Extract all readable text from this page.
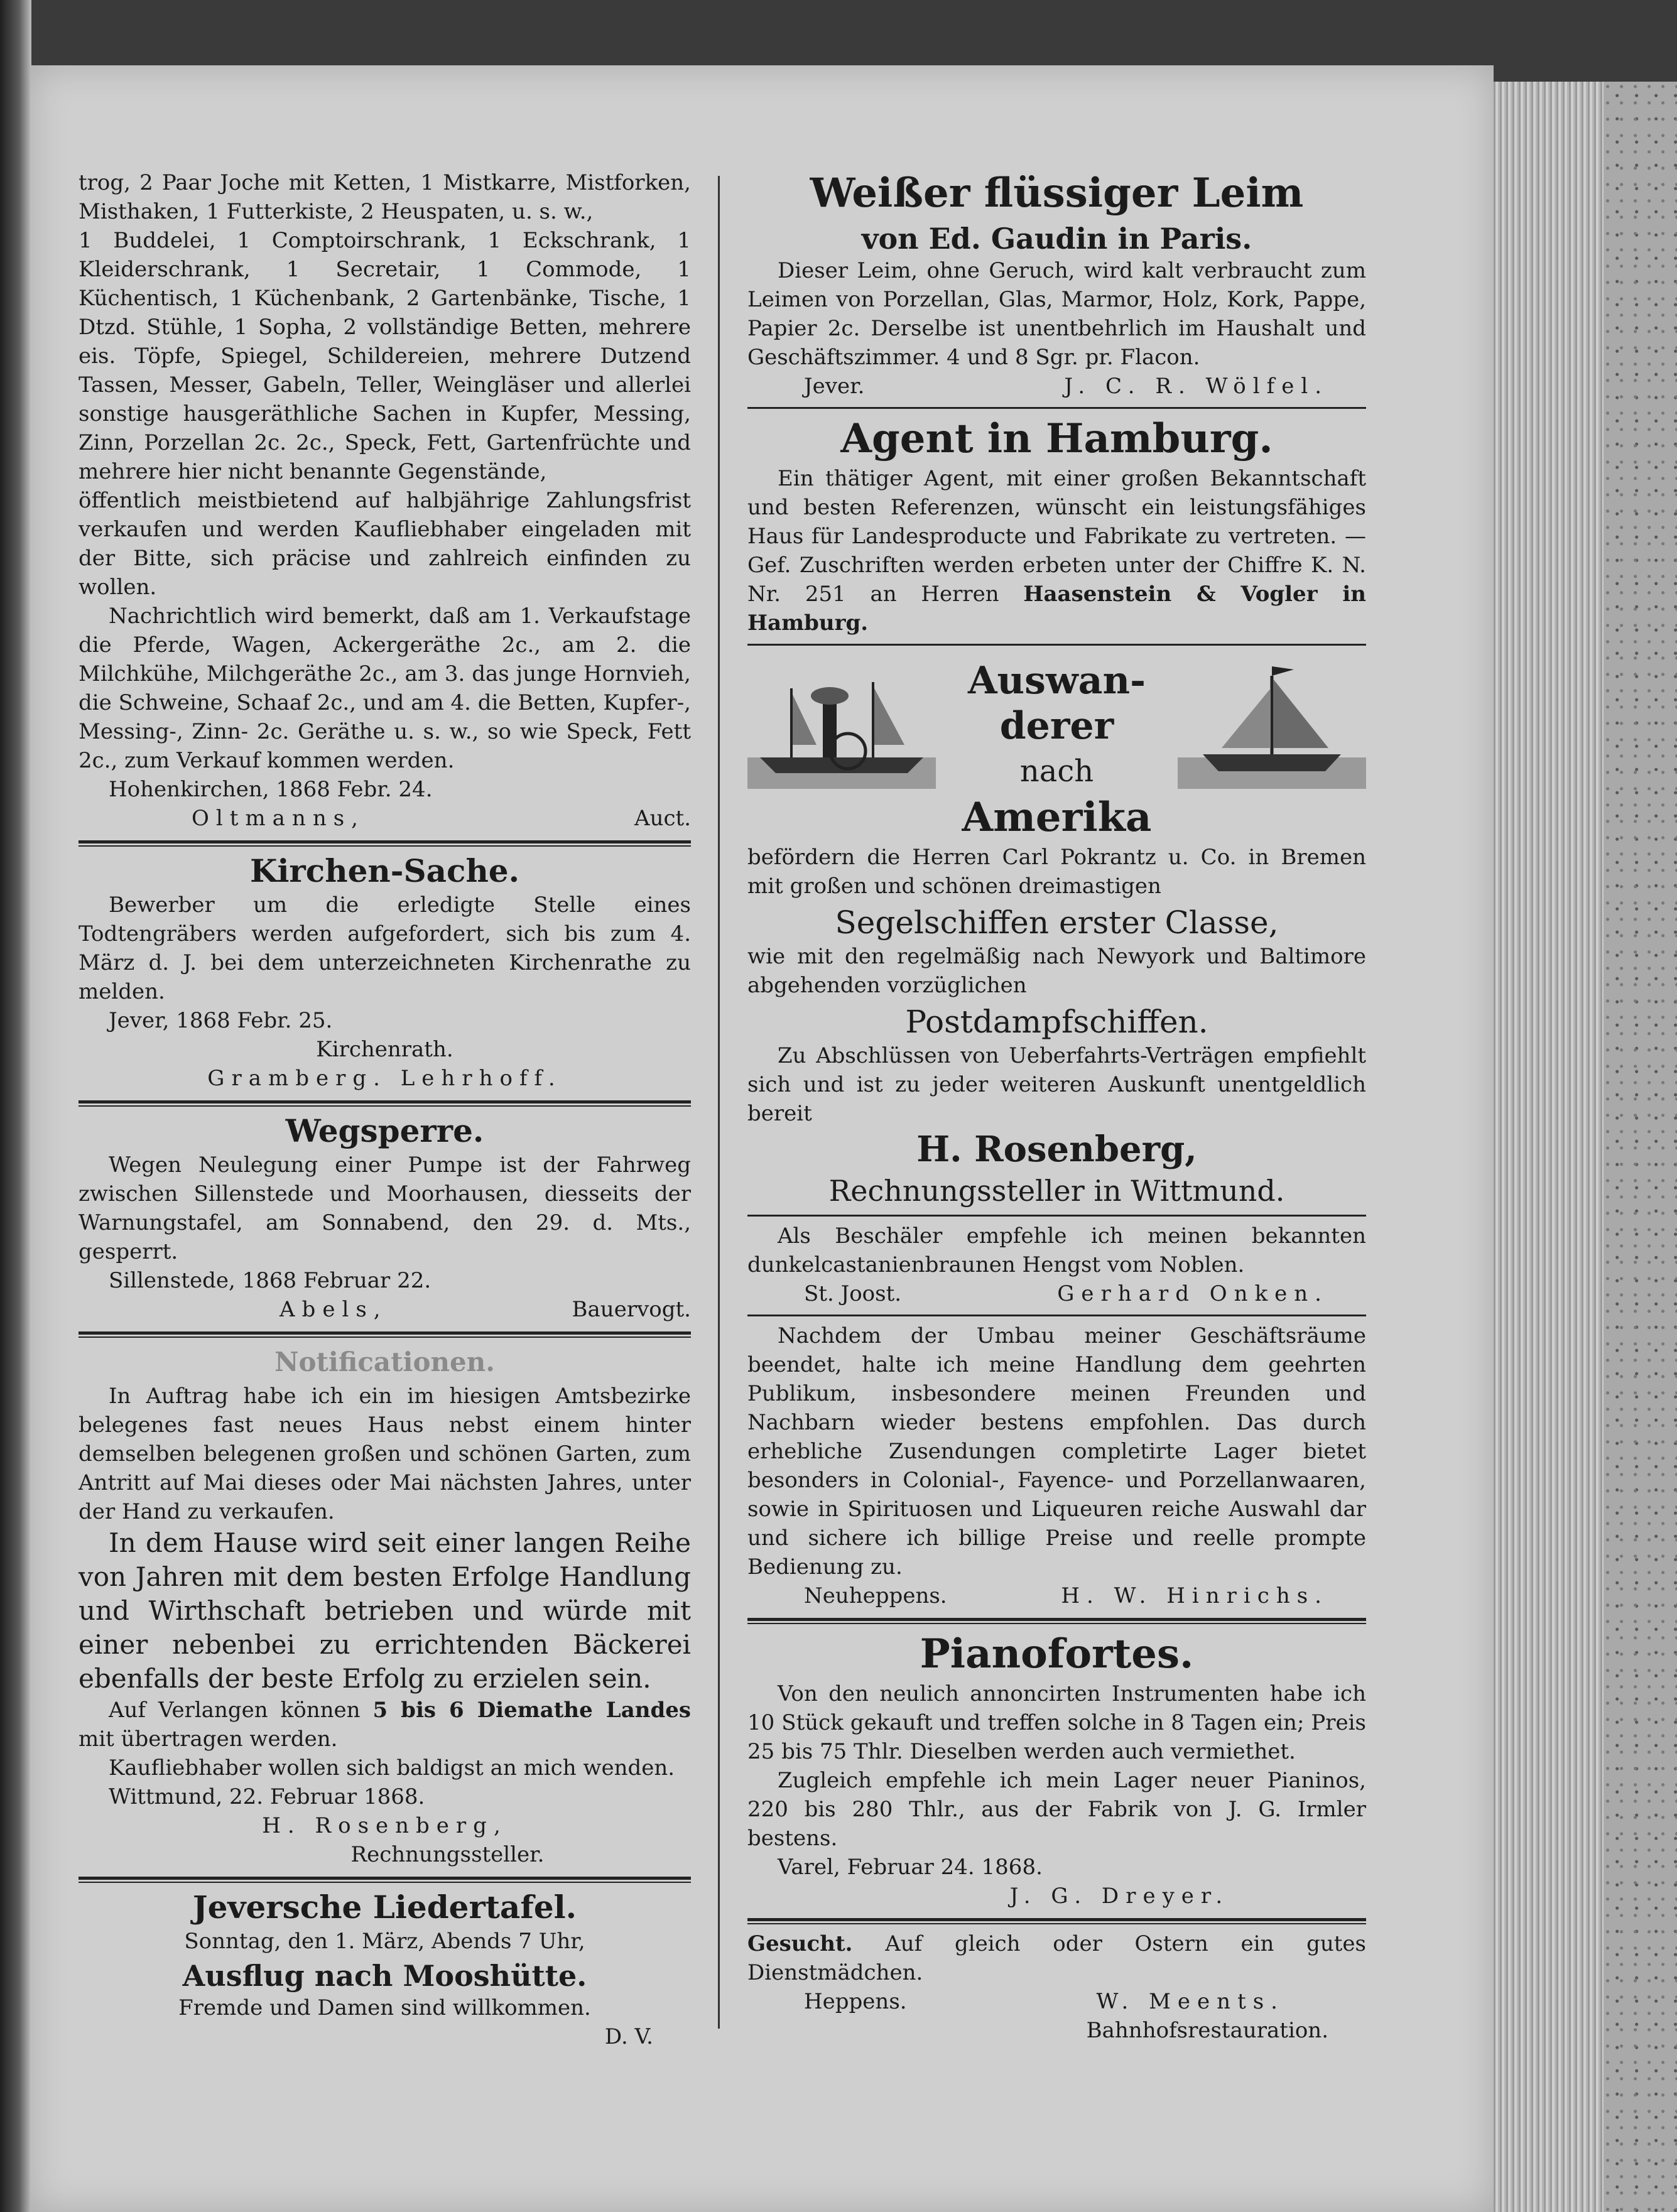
trog, 2 Paar Joche mit Ketten, 1 Mistkarre, Mistforken, Misthaken, 1 Futterkiste, 2 Heuspaten, u. s. w.,

1 Buddelei, 1 Comptoirschrank, 1 Eckschrank, 1 Kleiderschrank, 1 Secretair, 1 Commode, 1 Küchentisch, 1 Küchenbank, 2 Gartenbänke, Tische, 1 Dtzd. Stühle, 1 Sopha, 2 vollständige Betten, mehrere eis. Töpfe, Spiegel, Schildereien, mehrere Dutzend Tassen, Messer, Gabeln, Teller, Weingläser und allerlei sonstige hausgeräthliche Sachen in Kupfer, Messing, Zinn, Porzellan 2c. 2c., Speck, Fett, Gartenfrüchte und mehrere hier nicht benannte Gegenstände,

öffentlich meistbietend auf halbjährige Zahlungsfrist verkaufen und werden Kaufliebhaber eingeladen mit der Bitte, sich präcise und zahlreich einfinden zu wollen.

Nachrichtlich wird bemerkt, daß am 1. Verkaufstage die Pferde, Wagen, Ackergeräthe 2c., am 2. die Milchkühe, Milchgeräthe 2c., am 3. das junge Hornvieh, die Schweine, Schaaf 2c., und am 4. die Betten, Kupfer-, Messing-, Zinn- 2c. Geräthe u. s. w., so wie Speck, Fett 2c., zum Verkauf kommen werden.

Hohenkirchen, 1868 Febr. 24.

Oltmanns,	Auct.

Kirchen-Sache.

Bewerber um die erledigte Stelle eines Todtengräbers werden aufgefordert, sich bis zum 4. März d. J. bei dem unterzeichneten Kirchenrathe zu melden.

Jever, 1868 Febr. 25.

Kirchenrath.

Gramberg. Lehrhoff.

Wegsperre.

Wegen Neulegung einer Pumpe ist der Fahrweg zwischen Sillenstede und Moorhausen, diesseits der Warnungstafel, am Sonnabend, den 29. d. Mts., gesperrt.

Sillenstede, 1868 Februar 22.

Abels,	Bauervogt.

Notificationen.

In Auftrag habe ich ein im hiesigen Amtsbezirke belegenes fast neues Haus nebst einem hinter demselben belegenen großen und schönen Garten, zum Antritt auf Mai dieses oder Mai nächsten Jahres, unter der Hand zu verkaufen.

In dem Hause wird seit einer langen Reihe von Jahren mit dem besten Erfolge Handlung und Wirthschaft betrieben und würde mit einer nebenbei zu errichtenden Bäckerei ebenfalls der beste Erfolg zu erzielen sein.

Auf Verlangen können 5 bis 6 Diemathe Landes mit übertragen werden.

Kaufliebhaber wollen sich baldigst an mich wenden.

Wittmund, 22. Februar 1868.

H. Rosenberg,

Rechnungssteller.

Jeversche Liedertafel.

Sonntag, den 1. März, Abends 7 Uhr,

Ausflug nach Mooshütte.

Fremde und Damen sind willkommen.

D. V.

Weißer flüssiger Leim

von Ed. Gaudin in Paris.

Dieser Leim, ohne Geruch, wird kalt verbraucht zum Leimen von Porzellan, Glas, Marmor, Holz, Kork, Pappe, Papier 2c. Derselbe ist unentbehrlich im Haushalt und Geschäftszimmer. 4 und 8 Sgr. pr. Flacon.

Jever.	J. C. R. Wölfel.

Agent in Hamburg.

Ein thätiger Agent, mit einer großen Bekanntschaft und besten Referenzen, wünscht ein leistungsfähiges Haus für Landesproducte und Fabrikate zu vertreten. — Gef. Zuschriften werden erbeten unter der Chiffre K. N. Nr. 251 an Herren Haasenstein & Vogler in Hamburg.

Auswan-
derer
nach

Amerika

befördern die Herren Carl Pokrantz u. Co. in Bremen mit großen und schönen dreimastigen

Segelschiffen erster Classe,

wie mit den regelmäßig nach Newyork und Baltimore abgehenden vorzüglichen

Postdampfschiffen.

Zu Abschlüssen von Ueberfahrts-Verträgen empfiehlt sich und ist zu jeder weiteren Auskunft unentgeldlich bereit

H. Rosenberg,

Rechnungssteller in Wittmund.

Als Beschäler empfehle ich meinen bekannten dunkelcastanienbraunen Hengst vom Noblen.

St. Joost.	Gerhard Onken.

Nachdem der Umbau meiner Geschäftsräume beendet, halte ich meine Handlung dem geehrten Publikum, insbesondere meinen Freunden und Nachbarn wieder bestens empfohlen. Das durch erhebliche Zusendungen completirte Lager bietet besonders in Colonial-, Fayence- und Porzellanwaaren, sowie in Spirituosen und Liqueuren reiche Auswahl dar und sichere ich billige Preise und reelle prompte Bedienung zu.

Neuheppens.	H. W. Hinrichs.

Pianofortes.

Von den neulich annoncirten Instrumenten habe ich 10 Stück gekauft und treffen solche in 8 Tagen ein; Preis 25 bis 75 Thlr. Dieselben werden auch vermiethet.

Zugleich empfehle ich mein Lager neuer Pianinos, 220 bis 280 Thlr., aus der Fabrik von J. G. Irmler bestens.

Varel, Februar 24. 1868.

J. G. Dreyer.

Gesucht. Auf gleich oder Ostern ein gutes Dienstmädchen.

Heppens.	W. Meents.

Bahnhofsrestauration.
